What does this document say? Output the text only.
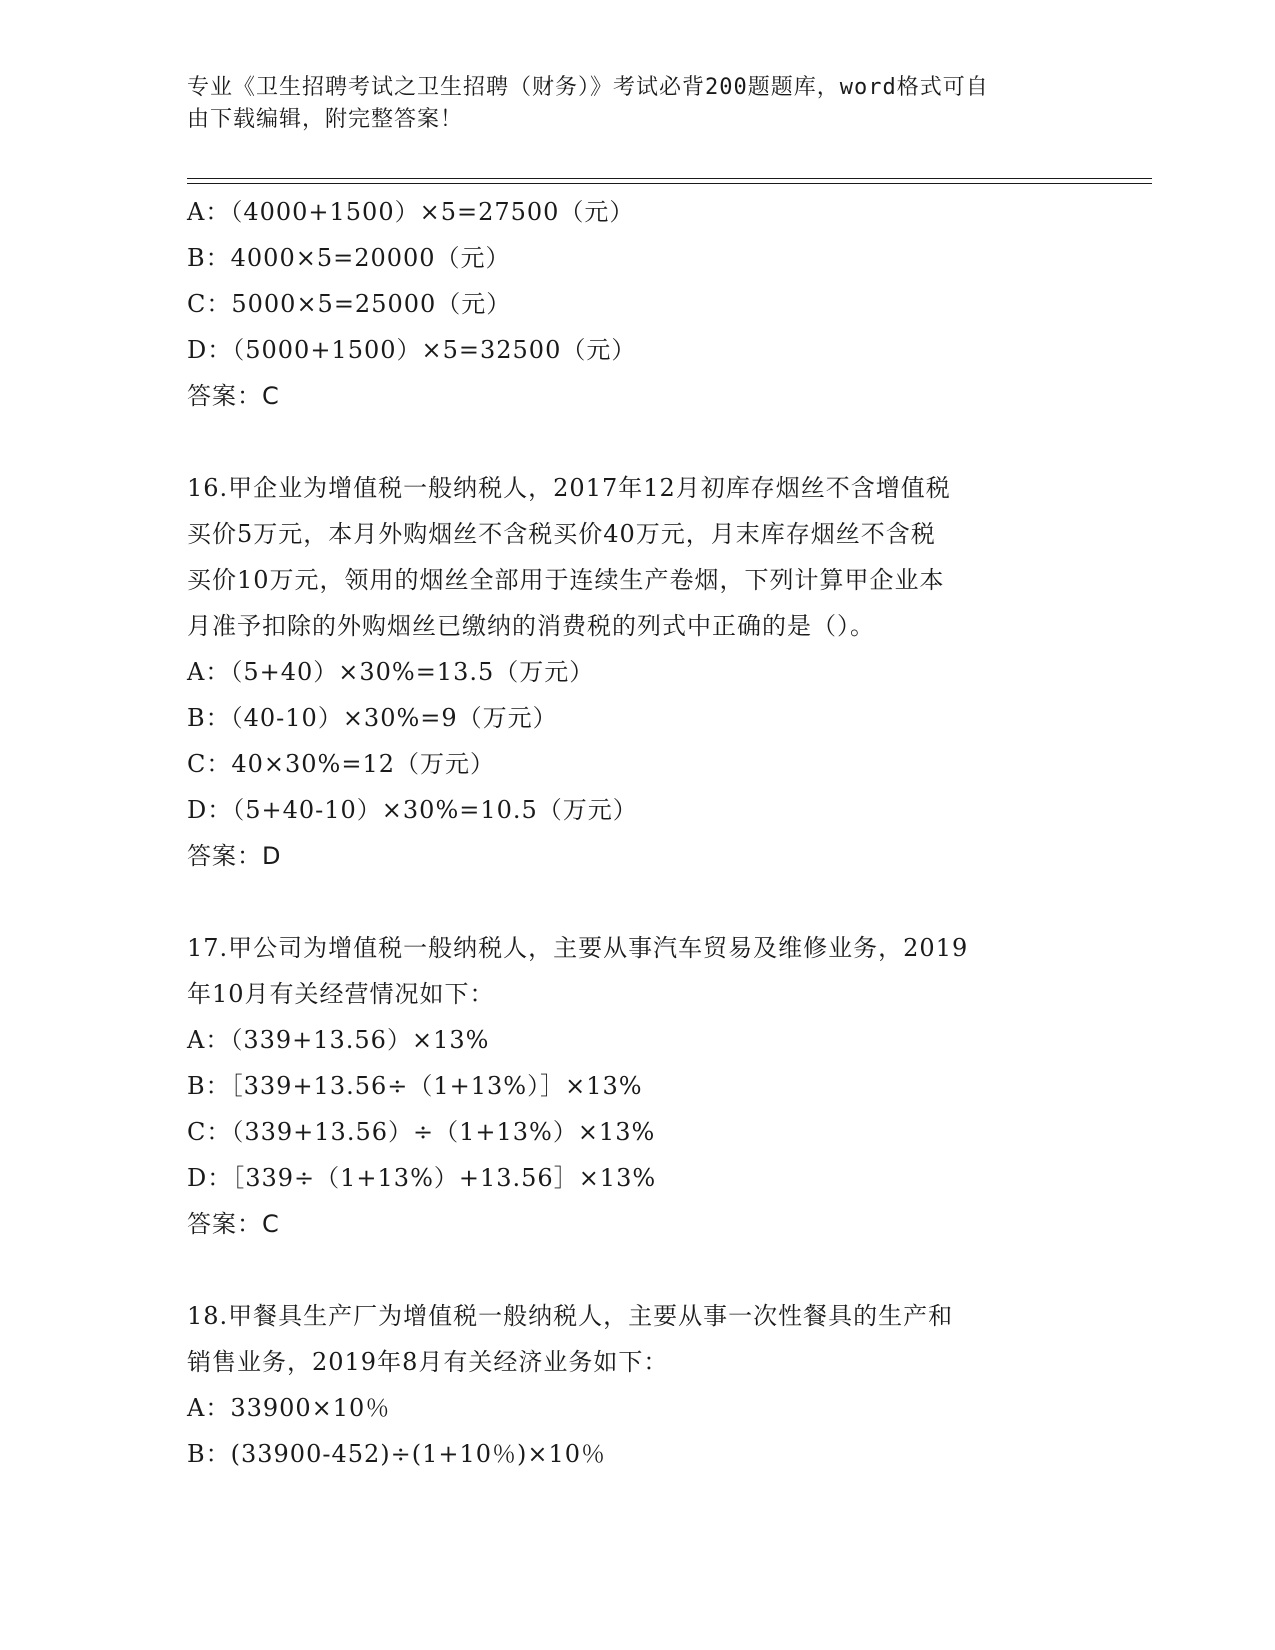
专业《卫生招聘考试之卫生招聘（财务）》考试必背200题题库，word格式可自
由下载编辑，附完整答案！
A：（4000+1500）×5=27500（元）
B：4000×5=20000（元）
C：5000×5=25000（元）
D：（5000+1500）×5=32500（元）
答案：C
16.甲企业为增值税一般纳税人，2017年12月初库存烟丝不含增值税
买价5万元，本月外购烟丝不含税买价40万元，月末库存烟丝不含税
买价10万元，领用的烟丝全部用于连续生产卷烟，下列计算甲企业本
月准予扣除的外购烟丝已缴纳的消费税的列式中正确的是（）。
A：（5+40）×30%=13.5（万元）
B：（40-10）×30%=9（万元）
C：40×30%=12（万元）
D：（5+40-10）×30%=10.5（万元）
答案：D
17.甲公司为增值税一般纳税人，主要从事汽车贸易及维修业务，2019
年10月有关经营情况如下：
A：（339+13.56）×13%
B：［339+13.56÷（1+13%）］×13%
C：（339+13.56）÷（1+13%）×13%
D：［339÷（1+13%）+13.56］×13%
答案：C
18.甲餐具生产厂为增值税一般纳税人，主要从事一次性餐具的生产和
销售业务，2019年8月有关经济业务如下：
A：33900×10％
B：(33900-452)÷(1+10％)×10％
